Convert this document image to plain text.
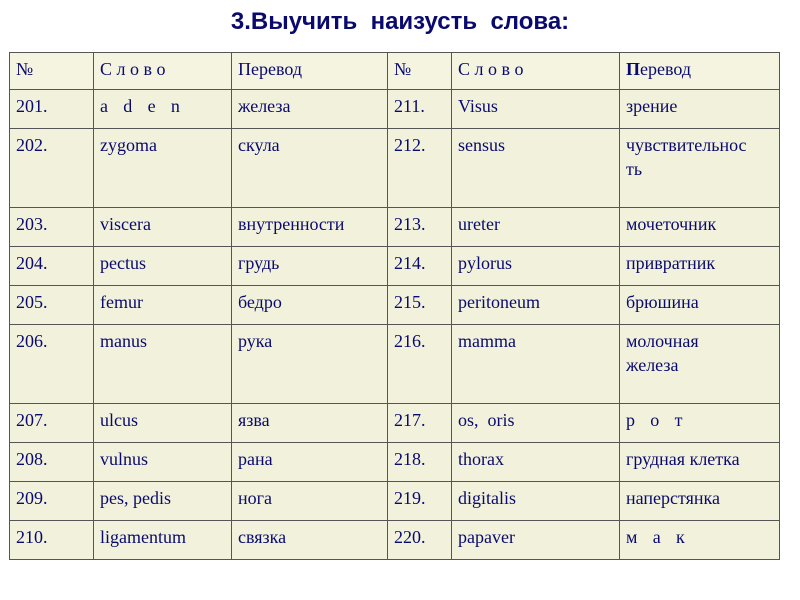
3.Выучить  наизусть  слова:
№	С л о в о	Перевод	№	С л о в о	Перевод
201.	a d e n	железа	211.	Visus	зрение
202.	zygoma	скула	212.	sensus	чувствительнос
ть
203.	viscera	внутренности	213.	ureter	мочеточник
204.	pectus	грудь	214.	pylorus	привратник
205.	femur	бедро	215.	peritoneum	брюшина
206.	manus	рука	216.	mamma	молочная
железа
207.	ulcus	язва	217.	os,  oris	р о т
208.	vulnus	рана	218.	thorax	грудная клетка
209.	pes, pedis	нога	219.	digitalis	наперстянка
210.	ligamentum	связка	220.	papaver	м а к
